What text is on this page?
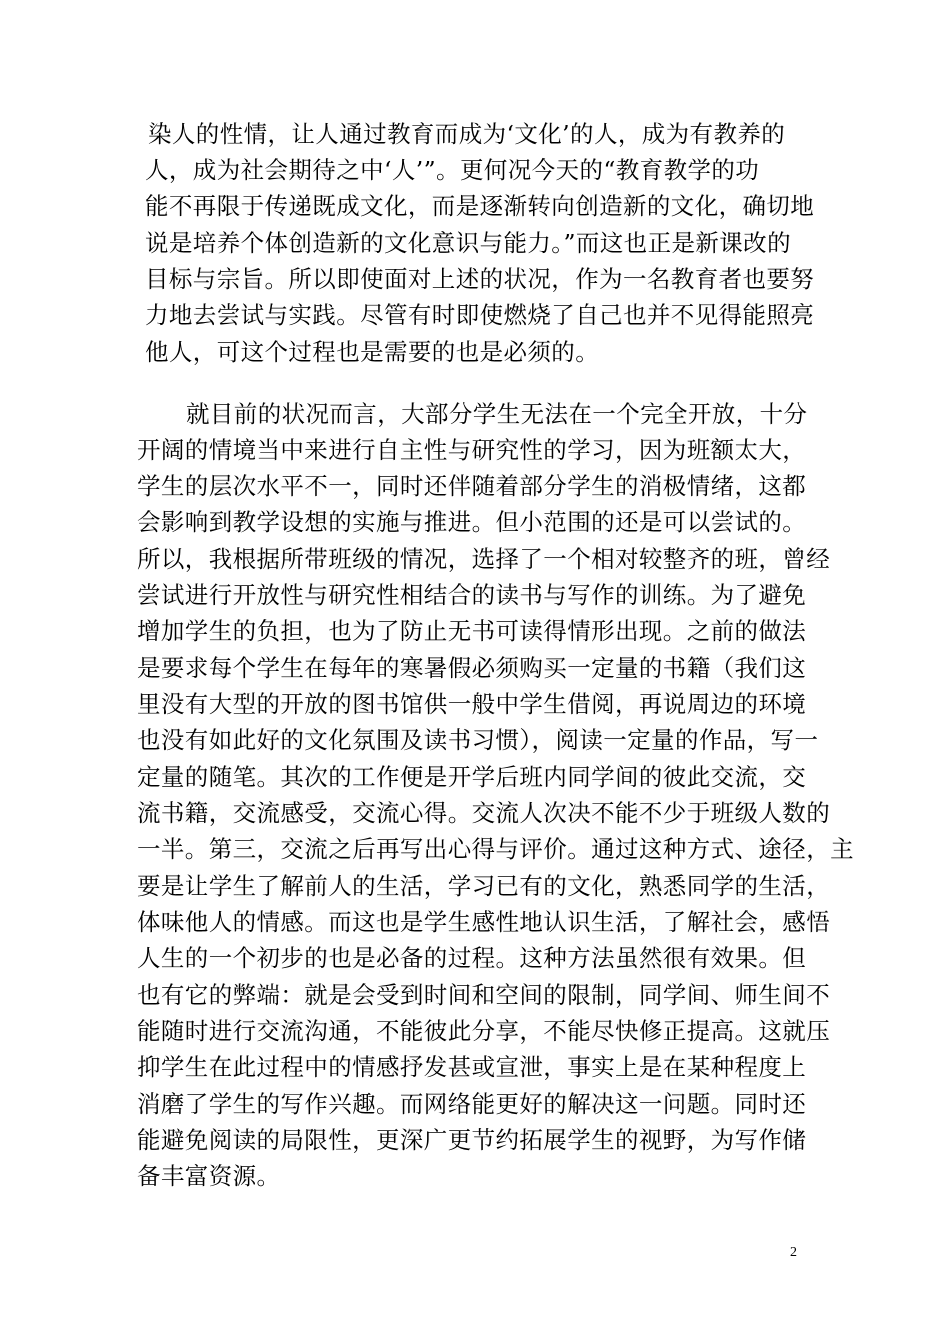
染人的性情，让人通过教育而成为‘文化’的人，成为有教养的
人，成为社会期待之中‘人’”。更何况今天的“教育教学的功
能不再限于传递既成文化，而是逐渐转向创造新的文化，确切地
说是培养个体创造新的文化意识与能力。”而这也正是新课改的
目标与宗旨。所以即使面对上述的状况，作为一名教育者也要努
力地去尝试与实践。尽管有时即使燃烧了自己也并不见得能照亮
他人，可这个过程也是需要的也是必须的。
就目前的状况而言，大部分学生无法在一个完全开放，十分
开阔的情境当中来进行自主性与研究性的学习，因为班额太大，
学生的层次水平不一，同时还伴随着部分学生的消极情绪，这都
会影响到教学设想的实施与推进。但小范围的还是可以尝试的。
所以，我根据所带班级的情况，选择了一个相对较整齐的班，曾经
尝试进行开放性与研究性相结合的读书与写作的训练。为了避免
增加学生的负担，也为了防止无书可读得情形出现。之前的做法
是要求每个学生在每年的寒暑假必须购买一定量的书籍（我们这
里没有大型的开放的图书馆供一般中学生借阅，再说周边的环境
也没有如此好的文化氛围及读书习惯），阅读一定量的作品，写一
定量的随笔。其次的工作便是开学后班内同学间的彼此交流，交
流书籍，交流感受，交流心得。交流人次决不能不少于班级人数的
一半。第三，交流之后再写出心得与评价。通过这种方式、途径，主
要是让学生了解前人的生活，学习已有的文化，熟悉同学的生活，
体味他人的情感。而这也是学生感性地认识生活，了解社会，感悟
人生的一个初步的也是必备的过程。这种方法虽然很有效果。但
也有它的弊端：就是会受到时间和空间的限制，同学间、师生间不
能随时进行交流沟通，不能彼此分享，不能尽快修正提高。这就压
抑学生在此过程中的情感抒发甚或宣泄，事实上是在某种程度上
消磨了学生的写作兴趣。而网络能更好的解决这一问题。同时还
能避免阅读的局限性，更深广更节约拓展学生的视野，为写作储
备丰富资源。
2
